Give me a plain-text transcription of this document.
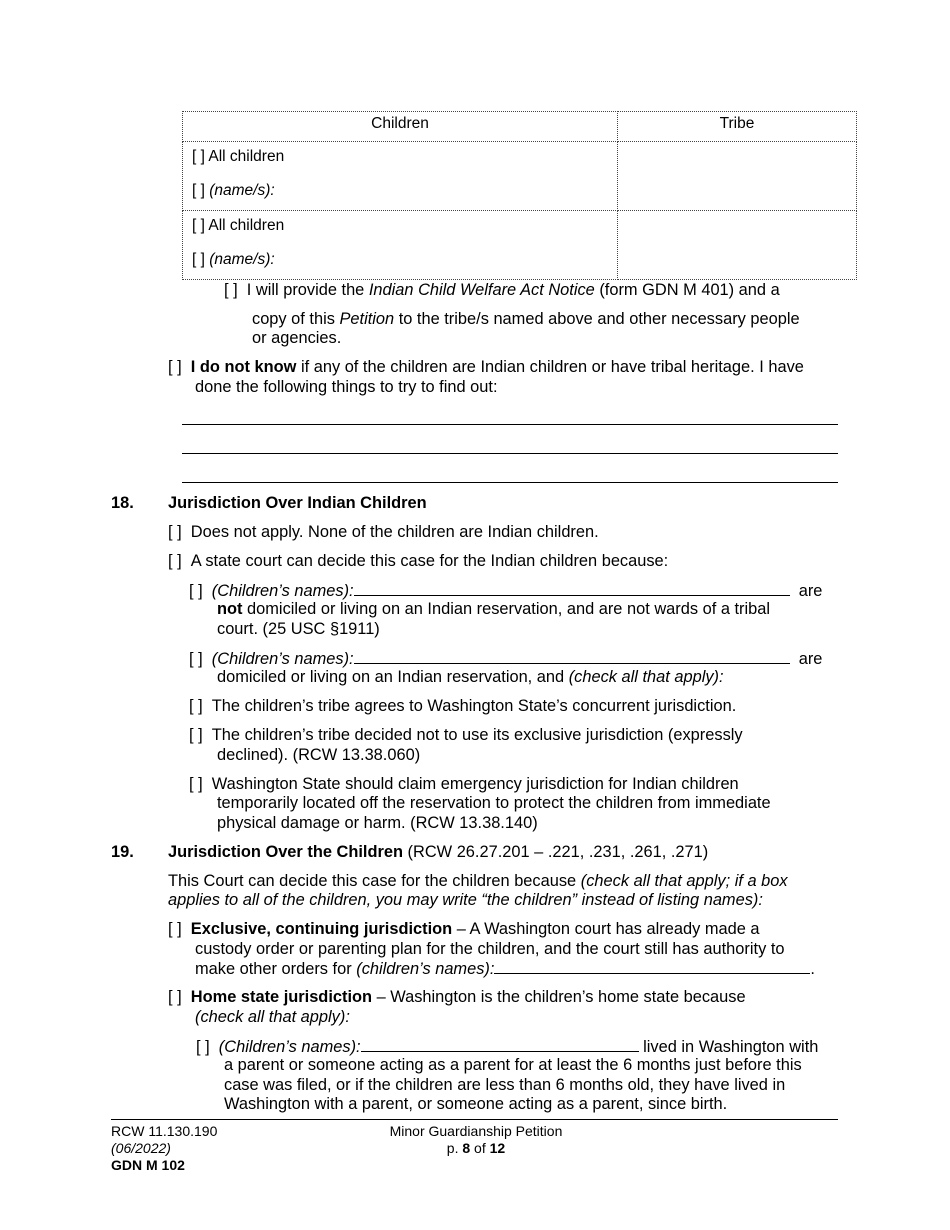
Children	Tribe

[ ] All children
[ ] (name/s):	

[ ] All children
[ ] (name/s):	

[ ] I will provide the Indian Child Welfare Act Notice (form GDN M 401) and a
copy of this Petition to the tribe/s named above and other necessary people
or agencies.
[ ] I do not know if any of the children are Indian children or have tribal heritage. I have
done the following things to try to find out:
18. Jurisdiction Over Indian Children
[ ] Does not apply. None of the children are Indian children.
[ ] A state court can decide this case for the Indian children because:
[ ] (Children’s names):	are
not domiciled or living on an Indian reservation, and are not wards of a tribal
court. (25 USC §1911)
[ ] (Children’s names):	are
domiciled or living on an Indian reservation, and (check all that apply):
[ ] The children’s tribe agrees to Washington State’s concurrent jurisdiction.
[ ] The children’s tribe decided not to use its exclusive jurisdiction (expressly
declined). (RCW 13.38.060)
[ ] Washington State should claim emergency jurisdiction for Indian children
temporarily located off the reservation to protect the children from immediate
physical damage or harm. (RCW 13.38.140)
19. Jurisdiction Over the Children (RCW 26.27.201 – .221, .231, .261, .271)
This Court can decide this case for the children because (check all that apply; if a box
applies to all of the children, you may write “the children” instead of listing names):
[ ] Exclusive, continuing jurisdiction – A Washington court has already made a
custody order or parenting plan for the children, and the court still has authority to
make other orders for (children’s names):	.
[ ] Home state jurisdiction – Washington is the children’s home state because
(check all that apply):
[ ] (Children’s names):	lived in Washington with
a parent or someone acting as a parent for at least the 6 months just before this
case was filed, or if the children are less than 6 months old, they have lived in
Washington with a parent, or someone acting as a parent, since birth.
RCW 11.130.190
(06/2022)
GDN M 102
Minor Guardianship Petition
p. 8 of 12
